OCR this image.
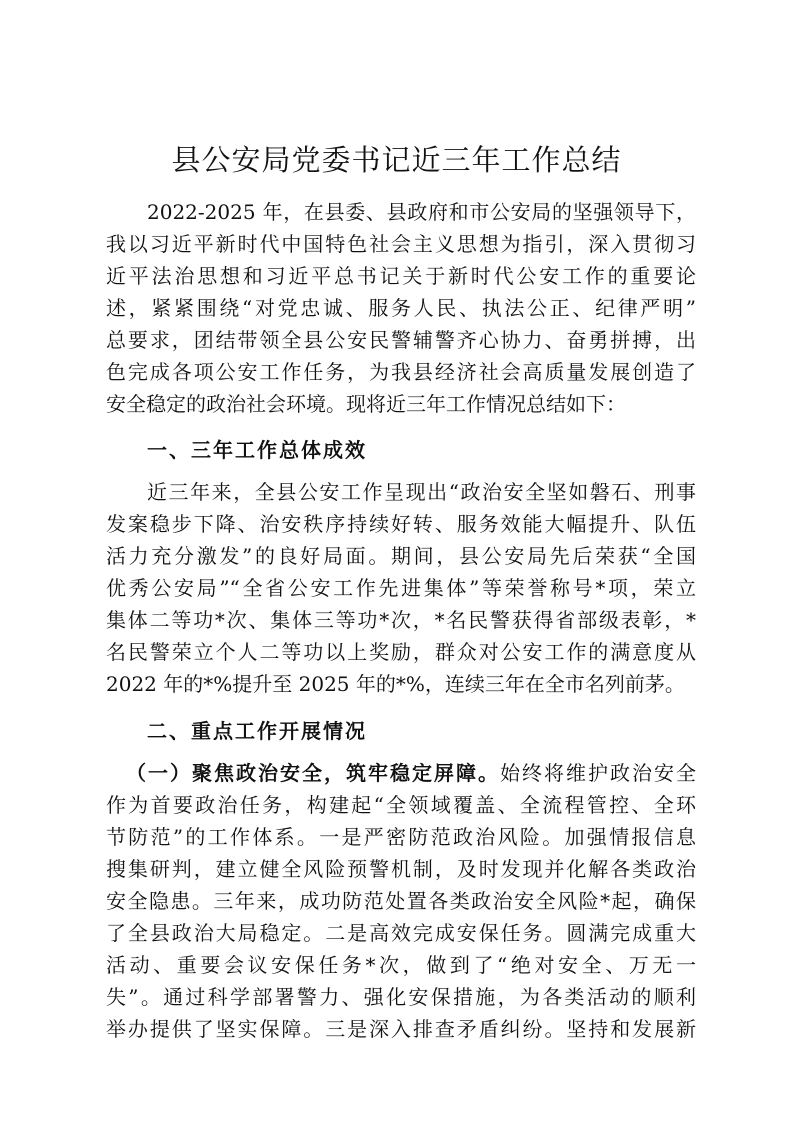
县公安局党委书记近三年工作总结
2022-2025 年，在县委、县政府和市公安局的坚强领导下，
我以习近平新时代中国特色社会主义思想为指引，深入贯彻习
近平法治思想和习近平总书记关于新时代公安工作的重要论
述，紧紧围绕“对党忠诚、服务人民、执法公正、纪律严明”
总要求，团结带领全县公安民警辅警齐心协力、奋勇拼搏，出
色完成各项公安工作任务，为我县经济社会高质量发展创造了
安全稳定的政治社会环境。现将近三年工作情况总结如下：
一、三年工作总体成效
近三年来，全县公安工作呈现出“政治安全坚如磐石、刑事
发案稳步下降、治安秩序持续好转、服务效能大幅提升、队伍
活力充分激发”的良好局面。期间，县公安局先后荣获“全国
优秀公安局”“全省公安工作先进集体”等荣誉称号*项，荣立
集体二等功*次、集体三等功*次，*名民警获得省部级表彰，*
名民警荣立个人二等功以上奖励，群众对公安工作的满意度从
2022 年的*%提升至 2025 年的*%，连续三年在全市名列前茅。
二、重点工作开展情况
（一）聚焦政治安全，筑牢稳定屏障。始终将维护政治安全
作为首要政治任务，构建起“全领域覆盖、全流程管控、全环
节防范”的工作体系。一是严密防范政治风险。加强情报信息
搜集研判，建立健全风险预警机制，及时发现并化解各类政治
安全隐患。三年来，成功防范处置各类政治安全风险*起，确保
了全县政治大局稳定。二是高效完成安保任务。圆满完成重大
活动、重要会议安保任务*次，做到了“绝对安全、万无一
失”。通过科学部署警力、强化安保措施，为各类活动的顺利
举办提供了坚实保障。三是深入排查矛盾纠纷。坚持和发展新
